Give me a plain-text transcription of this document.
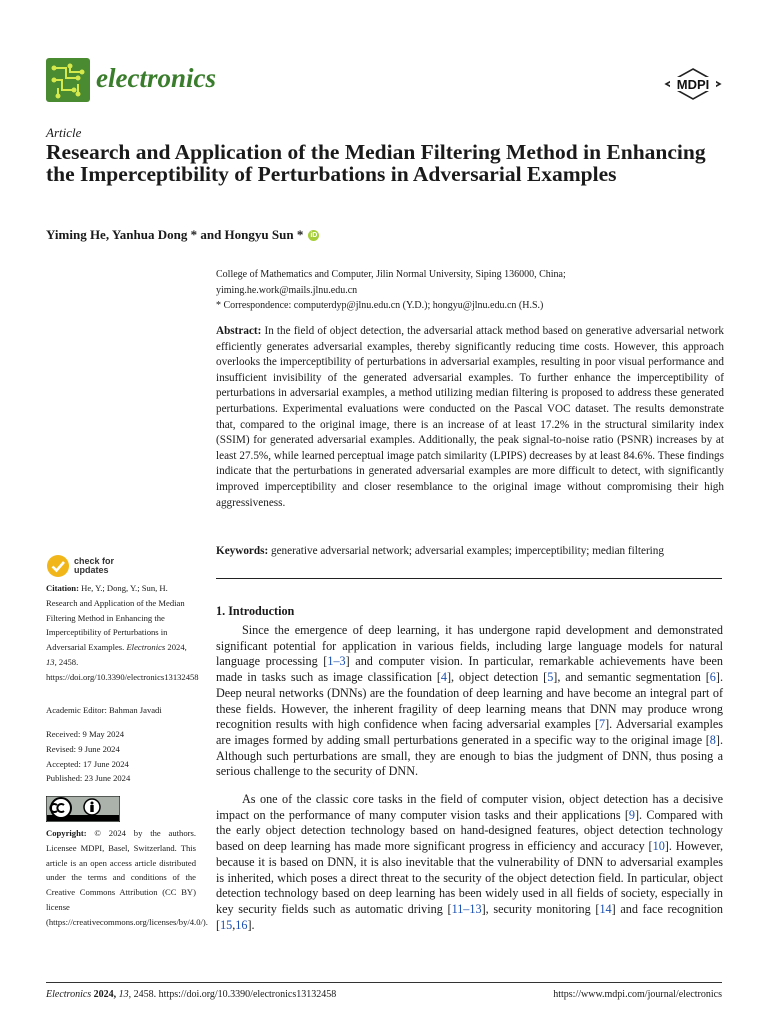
electronics	MDPI
Article
Research and Application of the Median Filtering Method in Enhancing the Imperceptibility of Perturbations in Adversarial Examples
Yiming He, Yanhua Dong * and Hongyu Sun * iD
College of Mathematics and Computer, Jilin Normal University, Siping 136000, China;
yiming.he.work@mails.jlnu.edu.cn
* Correspondence: computerdyp@jlnu.edu.cn (Y.D.); hongyu@jlnu.edu.cn (H.S.)

Abstract: In the field of object detection, the adversarial attack method based on generative adversarial network efficiently generates adversarial examples, thereby significantly reducing time costs. However, this approach overlooks the imperceptibility of perturbations in adversarial examples, resulting in poor visual performance and insufficient invisibility of the generated adversarial examples. To further enhance the imperceptibility of perturbations in adversarial examples, a method utilizing median filtering is proposed to address these generated perturbations. Experimental evaluations were conducted on the Pascal VOC dataset. The results demonstrate that, compared to the original image, there is an increase of at least 17.2% in the structural similarity index (SSIM) for generated adversarial examples. Additionally, the peak signal-to-noise ratio (PSNR) increases by at least 27.5%, while learned perceptual image patch similarity (LPIPS) decreases by at least 84.6%. These findings indicate that the perturbations in generated adversarial examples are more difficult to detect, with significantly improved imperceptibility and closer resemblance to the original image without compromising their high aggressiveness.

Keywords: generative adversarial network; adversarial examples; imperceptibility; median filtering
check for
updates

Citation: He, Y.; Dong, Y.; Sun, H. Research and Application of the Median Filtering Method in Enhancing the Imperceptibility of Perturbations in Adversarial Examples. Electronics 2024, 13, 2458. https://doi.org/10.3390/electronics13132458

Academic Editor: Bahman Javadi
Received: 9 May 2024
Revised: 9 June 2024
Accepted: 17 June 2024
Published: 23 June 2024

Copyright: © 2024 by the authors. Licensee MDPI, Basel, Switzerland. This article is an open access article distributed under the terms and conditions of the Creative Commons Attribution (CC BY) license (https://creativecommons.org/licenses/by/4.0/).

1. Introduction

Since the emergence of deep learning, it has undergone rapid development and demonstrated significant potential for application in various fields, including large language models for natural language processing [1–3] and computer vision. In particular, remarkable achievements have been made in tasks such as image classification [4], object detection [5], and semantic segmentation [6]. Deep neural networks (DNNs) are the foundation of deep learning and have become an integral part of these fields. However, the inherent fragility of deep learning means that DNN may produce wrong recognition results with high confidence when facing adversarial examples [7]. Adversarial examples are images formed by adding small perturbations generated in a specific way to the original image [8]. Although such perturbations are small, they are enough to bias the judgment of DNN, thus posing a serious challenge to the security of DNN.

As one of the classic core tasks in the field of computer vision, object detection has a decisive impact on the performance of many computer vision tasks and their applications [9]. Compared with the early object detection technology based on hand-designed features, object detection technology based on deep learning has made more significant progress in efficiency and accuracy [10]. However, because it is based on DNN, it is also inevitable that the vulnerability of DNN to adversarial examples is inherited, which poses a direct threat to the security of the object detection field. In particular, object detection technology based on deep learning has been widely used in all fields of society, especially in key security fields such as automatic driving [11–13], security monitoring [14] and face recognition [15,16].

Electronics 2024, 13, 2458. https://doi.org/10.3390/electronics13132458	https://www.mdpi.com/journal/electronics
